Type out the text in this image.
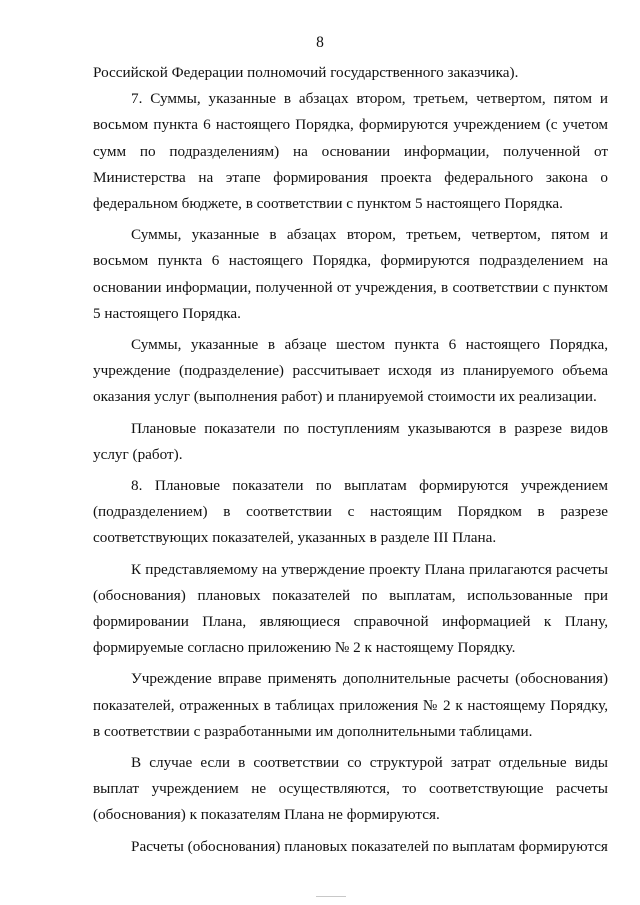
8

Российской Федерации полномочий государственного заказчика).

7. Суммы, указанные в абзацах втором, третьем, четвертом, пятом и восьмом пункта 6 настоящего Порядка, формируются учреждением (с учетом сумм по подразделениям) на основании информации, полученной от Министерства на этапе формирования проекта федерального закона о федеральном бюджете, в соответствии с пунктом 5 настоящего Порядка.

Суммы, указанные в абзацах втором, третьем, четвертом, пятом и восьмом пункта 6 настоящего Порядка, формируются подразделением на основании информации, полученной от учреждения, в соответствии с пунктом 5 настоящего Порядка.

Суммы, указанные в абзаце шестом пункта 6 настоящего Порядка, учреждение (подразделение) рассчитывает исходя из планируемого объема оказания услуг (выполнения работ) и планируемой стоимости их реализации.

Плановые показатели по поступлениям указываются в разрезе видов услуг (работ).

8. Плановые показатели по выплатам формируются учреждением (подразделением) в соответствии с настоящим Порядком в разрезе соответствующих показателей, указанных в разделе III Плана.

К представляемому на утверждение проекту Плана прилагаются расчеты (обоснования) плановых показателей по выплатам, использованные при формировании Плана, являющиеся справочной информацией к Плану, формируемые согласно приложению № 2 к настоящему Порядку.

Учреждение вправе применять дополнительные расчеты (обоснования) показателей, отраженных в таблицах приложения № 2 к настоящему Порядку, в соответствии с разработанными им дополнительными таблицами.

В случае если в соответствии со структурой затрат отдельные виды выплат учреждением не осуществляются, то соответствующие расчеты (обоснования) к показателям Плана не формируются.

Расчеты (обоснования) плановых показателей по выплатам формируются
